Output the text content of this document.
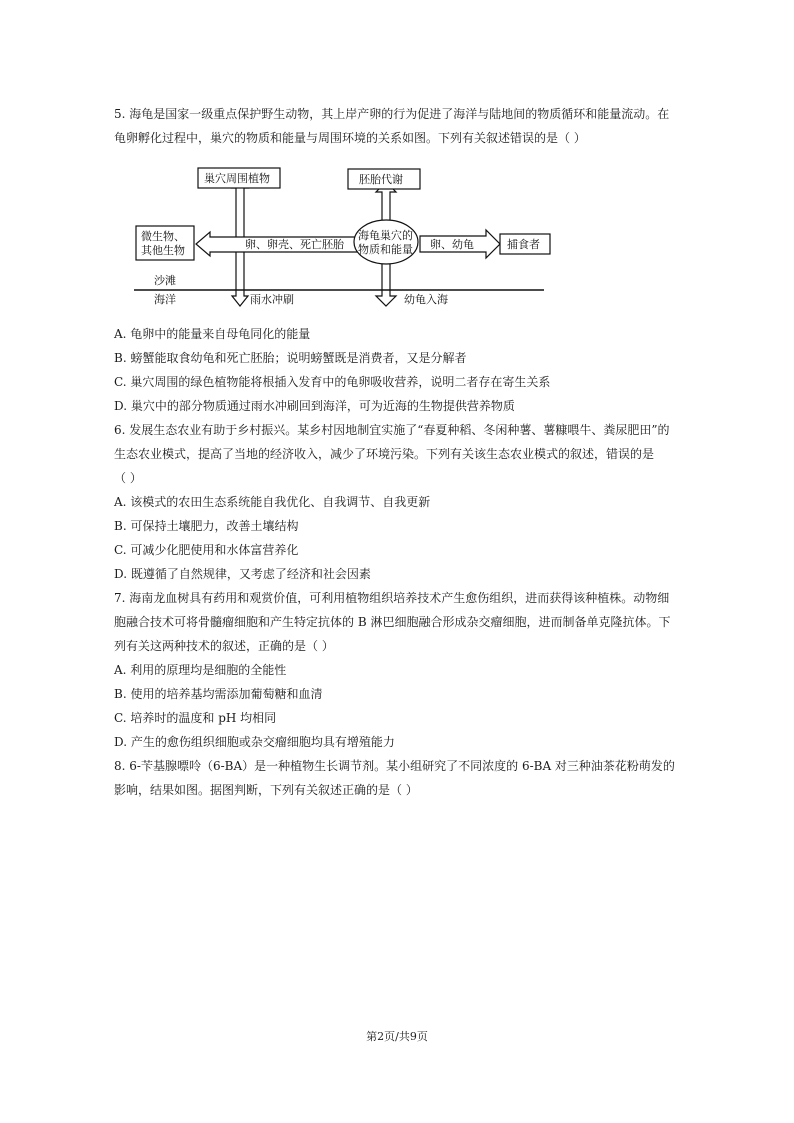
5. 海龟是国家一级重点保护野生动物，其上岸产卵的行为促进了海洋与陆地间的物质循环和能量流动。在
龟卵孵化过程中，巢穴的物质和能量与周围环境的关系如图。下列有关叙述错误的是（ ）
巢穴周围植物	胚胎代谢
微生物、
其他生物	捕食者
海龟巢穴的
物质和能量
卵、卵壳、死亡胚胎	卵、幼龟
沙滩
海洋	雨水冲刷	幼龟入海
A. 龟卵中的能量来自母龟同化的能量
B. 螃蟹能取食幼龟和死亡胚胎；说明螃蟹既是消费者，又是分解者
C. 巢穴周围的绿色植物能将根插入发育中的龟卵吸收营养，说明二者存在寄生关系
D. 巢穴中的部分物质通过雨水冲刷回到海洋，可为近海的生物提供营养物质
6. 发展生态农业有助于乡村振兴。某乡村因地制宜实施了“春夏种稻、冬闲种薯、薯糠喂牛、粪尿肥田”的
生态农业模式，提高了当地的经济收入，减少了环境污染。下列有关该生态农业模式的叙述，错误的是
（ ）
A. 该模式的农田生态系统能自我优化、自我调节、自我更新
B. 可保持土壤肥力，改善土壤结构
C. 可减少化肥使用和水体富营养化
D. 既遵循了自然规律，又考虑了经济和社会因素
7. 海南龙血树具有药用和观赏价值，可利用植物组织培养技术产生愈伤组织，进而获得该种植株。动物细
胞融合技术可将骨髓瘤细胞和产生特定抗体的 B 淋巴细胞融合形成杂交瘤细胞，进而制备单克隆抗体。下
列有关这两种技术的叙述，正确的是（ ）
A. 利用的原理均是细胞的全能性
B. 使用的培养基均需添加葡萄糖和血清
C. 培养时的温度和 pH 均相同
D. 产生的愈伤组织细胞或杂交瘤细胞均具有增殖能力
8. 6-苄基腺嘌呤（6-BA）是一种植物生长调节剂。某小组研究了不同浓度的 6-BA 对三种油茶花粉萌发的
影响，结果如图。据图判断，下列有关叙述正确的是（ ）
第2页/共9页
